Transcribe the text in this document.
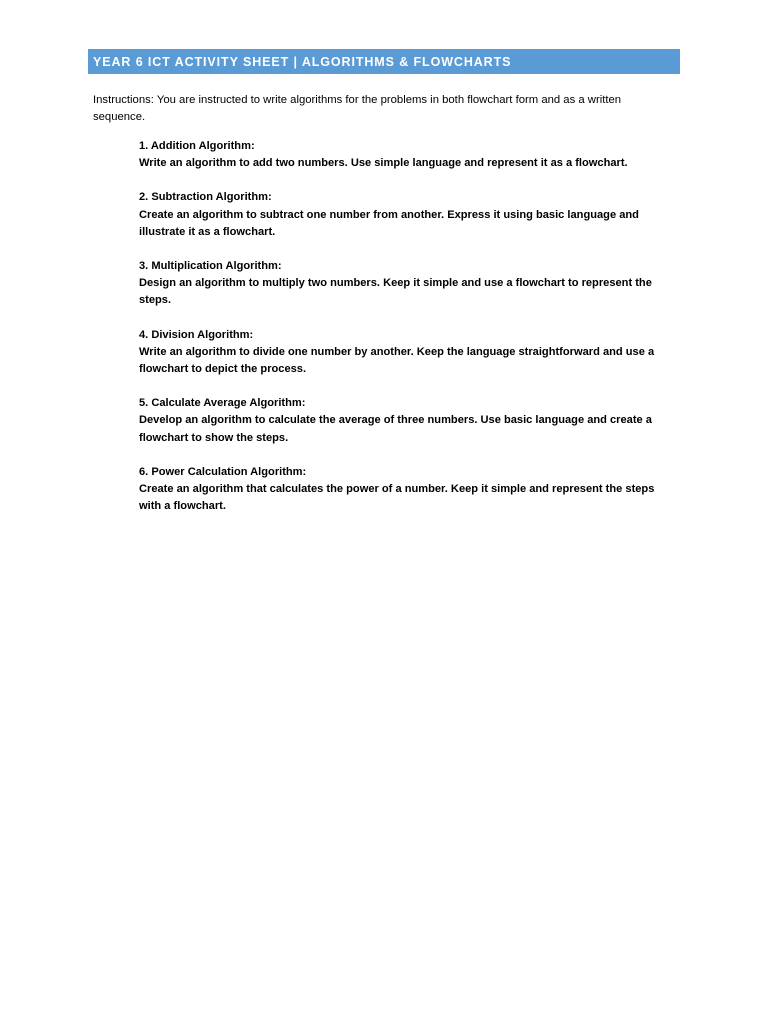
YEAR 6 ICT ACTIVITY SHEET | ALGORITHMS & FLOWCHARTS

Instructions: You are instructed to write algorithms for the problems in both flowchart form and as a written sequence.

1. Addition Algorithm:
Write an algorithm to add two numbers. Use simple language and represent it as a flowchart.
2. Subtraction Algorithm:
Create an algorithm to subtract one number from another. Express it using basic language and illustrate it as a flowchart.
3. Multiplication Algorithm:
Design an algorithm to multiply two numbers. Keep it simple and use a flowchart to represent the steps.
4. Division Algorithm:
Write an algorithm to divide one number by another. Keep the language straightforward and use a flowchart to depict the process.
5. Calculate Average Algorithm:
Develop an algorithm to calculate the average of three numbers. Use basic language and create a flowchart to show the steps.
6. Power Calculation Algorithm:
Create an algorithm that calculates the power of a number. Keep it simple and represent the steps with a flowchart.
